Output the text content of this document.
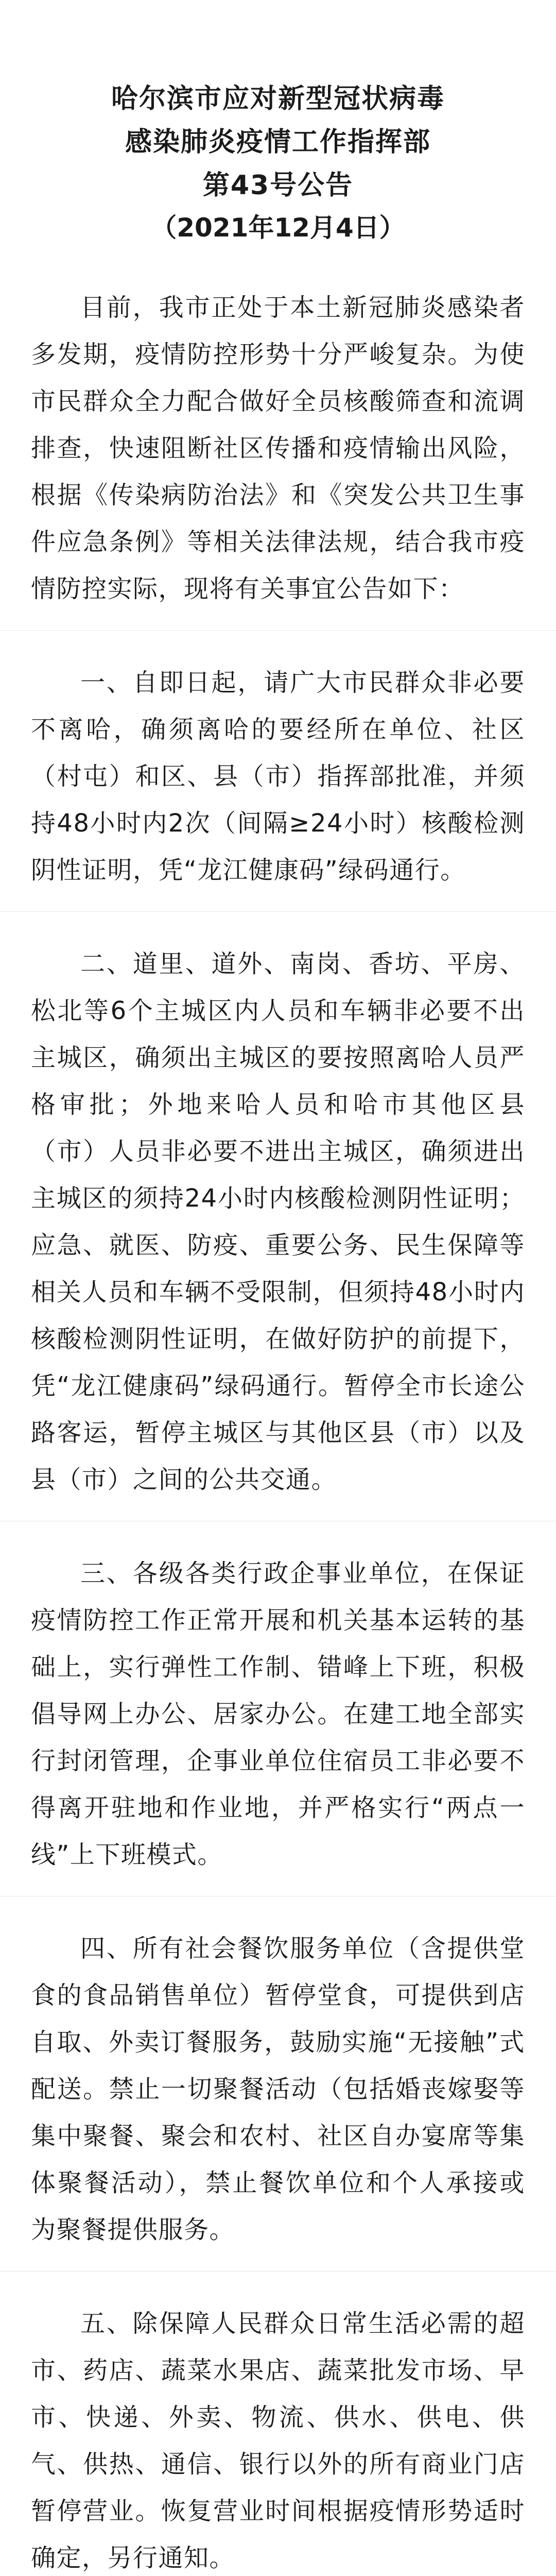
哈尔滨市应对新型冠状病毒
感染肺炎疫情工作指挥部
第43号公告
（2021年12月4日）

目前，我市正处于本土新冠肺炎感染者多发期，疫情防控形势十分严峻复杂。为使市民群众全力配合做好全员核酸筛查和流调排查，快速阻断社区传播和疫情输出风险，根据《传染病防治法》和《突发公共卫生事件应急条例》等相关法律法规，结合我市疫情防控实际，现将有关事宜公告如下：

一、自即日起，请广大市民群众非必要不离哈，确须离哈的要经所在单位、社区（村屯）和区、县（市）指挥部批准，并须持48小时内2次（间隔≥24小时）核酸检测阴性证明，凭“龙江健康码”绿码通行。

二、道里、道外、南岗、香坊、平房、松北等6个主城区内人员和车辆非必要不出主城区，确须出主城区的要按照离哈人员严格审批；外地来哈人员和哈市其他区县（市）人员非必要不进出主城区，确须进出主城区的须持24小时内核酸检测阴性证明；应急、就医、防疫、重要公务、民生保障等相关人员和车辆不受限制，但须持48小时内核酸检测阴性证明，在做好防护的前提下，凭“龙江健康码”绿码通行。暂停全市长途公路客运，暂停主城区与其他区县（市）以及县（市）之间的公共交通。

三、各级各类行政企事业单位，在保证疫情防控工作正常开展和机关基本运转的基础上，实行弹性工作制、错峰上下班，积极倡导网上办公、居家办公。在建工地全部实行封闭管理，企事业单位住宿员工非必要不得离开驻地和作业地，并严格实行“两点一线”上下班模式。

四、所有社会餐饮服务单位（含提供堂食的食品销售单位）暂停堂食，可提供到店自取、外卖订餐服务，鼓励实施“无接触”式配送。禁止一切聚餐活动（包括婚丧嫁娶等集中聚餐、聚会和农村、社区自办宴席等集体聚餐活动），禁止餐饮单位和个人承接或为聚餐提供服务。

五、除保障人民群众日常生活必需的超市、药店、蔬菜水果店、蔬菜批发市场、早市、快递、外卖、物流、供水、供电、供气、供热、通信、银行以外的所有商业门店暂停营业。恢复营业时间根据疫情形势适时确定，另行通知。
